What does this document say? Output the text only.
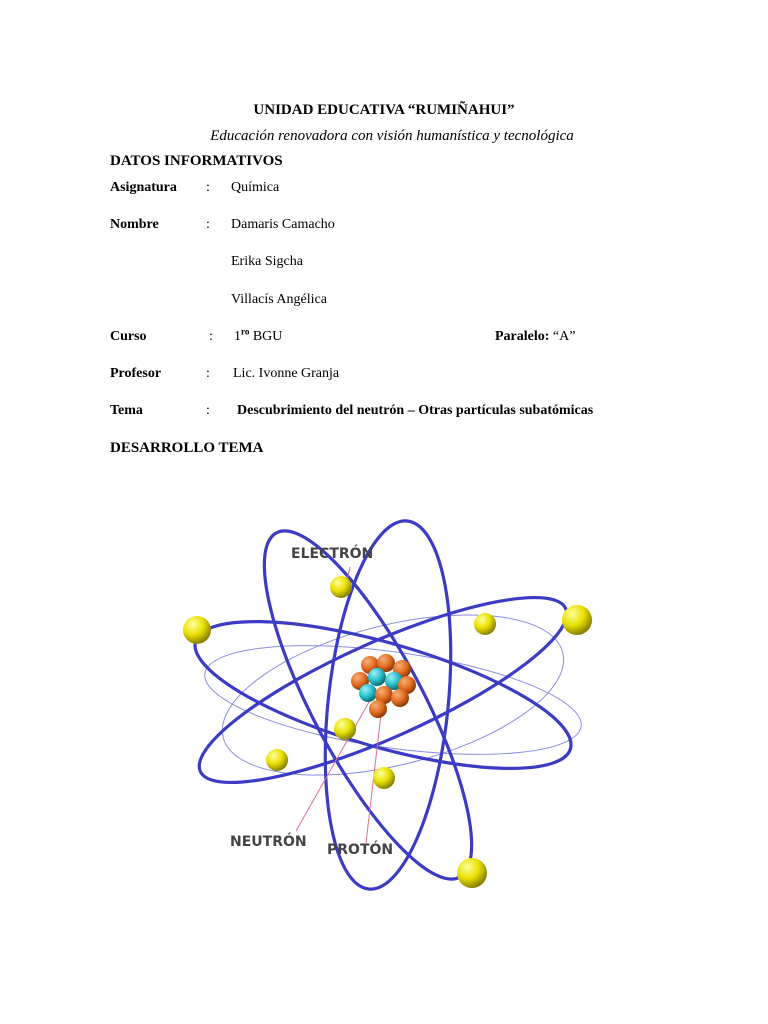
UNIDAD EDUCATIVA “RUMIÑAHUI”
Educación renovadora con visión humanística y tecnológica
DATOS INFORMATIVOS
Asignatura : Química
Nombre	: Damaris Camacho
Erika Sigcha
Villacís Angélica
Curso	: $1^{ro}$ BGU	Paralelo: “A”
Profesor	: Lic. Ivonne Granja
Tema	: Descubrimiento del neutrón – Otras partículas subatómicas
DESARROLLO TEMA
ELECTRÓN
NEUTRÓN PROTÓN
